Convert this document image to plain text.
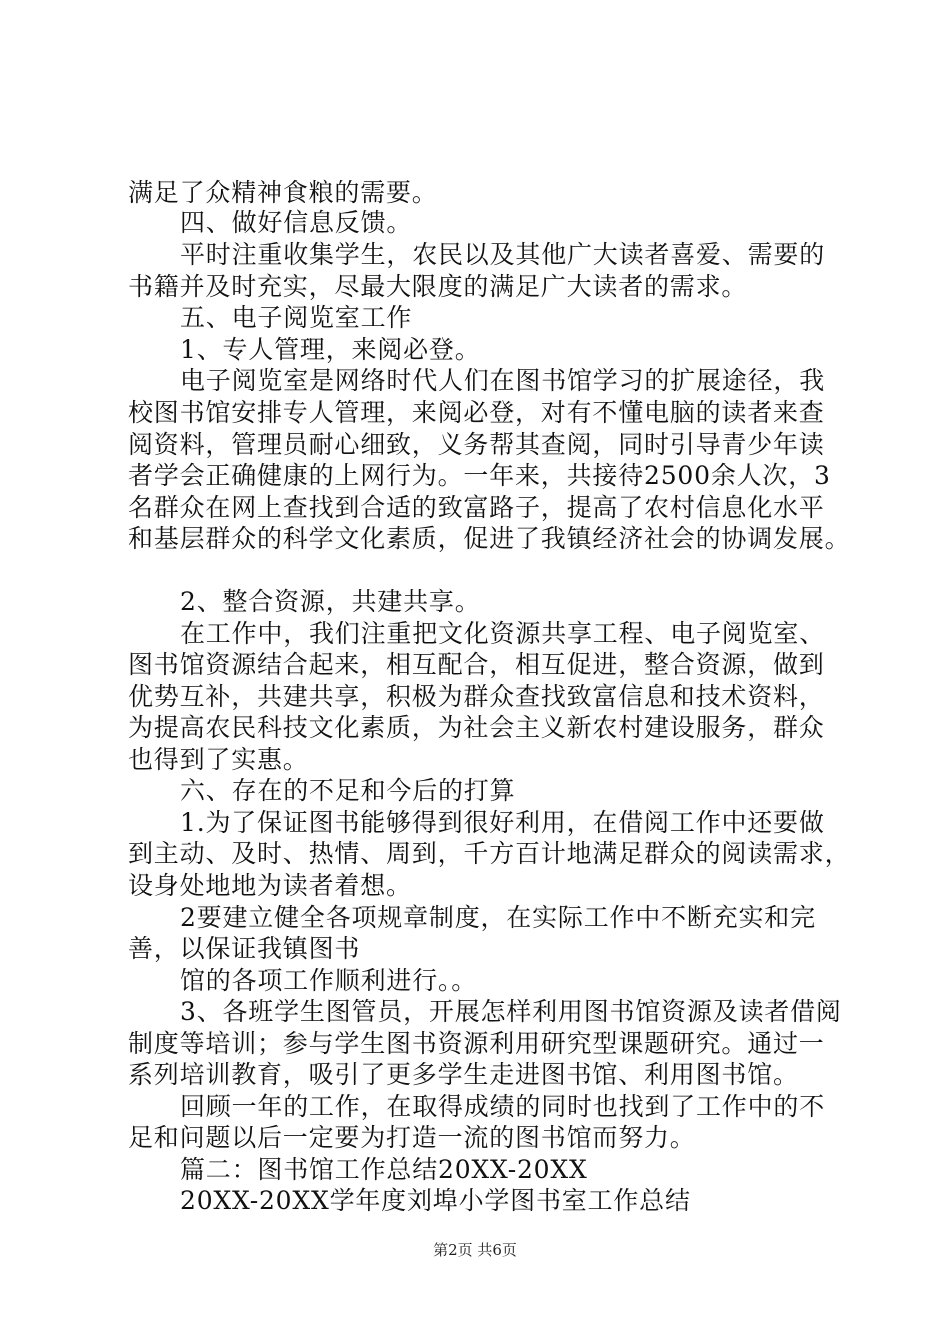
满足了众精神食粮的需要。
四、做好信息反馈。
平时注重收集学生，农民以及其他广大读者喜爱、需要的
书籍并及时充实，尽最大限度的满足广大读者的需求。
五、电子阅览室工作
1、专人管理，来阅必登。
电子阅览室是网络时代人们在图书馆学习的扩展途径，我
校图书馆安排专人管理，来阅必登，对有不懂电脑的读者来查
阅资料，管理员耐心细致，义务帮其查阅，同时引导青少年读
者学会正确健康的上网行为。一年来，共接待2500余人次，3
名群众在网上查找到合适的致富路子，提高了农村信息化水平
和基层群众的科学文化素质，促进了我镇经济社会的协调发展。
2、整合资源，共建共享。
在工作中，我们注重把文化资源共享工程、电子阅览室、
图书馆资源结合起来，相互配合，相互促进，整合资源，做到
优势互补，共建共享，积极为群众查找致富信息和技术资料，
为提高农民科技文化素质，为社会主义新农村建设服务，群众
也得到了实惠。
六、存在的不足和今后的打算
1.为了保证图书能够得到很好利用，在借阅工作中还要做
到主动、及时、热情、周到，千方百计地满足群众的阅读需求，
设身处地地为读者着想。
2要建立健全各项规章制度，在实际工作中不断充实和完
善，以保证我镇图书
馆的各项工作顺利进行。。
3、各班学生图管员，开展怎样利用图书馆资源及读者借阅
制度等培训；参与学生图书资源利用研究型课题研究。通过一
系列培训教育，吸引了更多学生走进图书馆、利用图书馆。
回顾一年的工作，在取得成绩的同时也找到了工作中的不
足和问题以后一定要为打造一流的图书馆而努力。
篇二：图书馆工作总结20XX-20XX
20XX-20XX学年度刘埠小学图书室工作总结
第2页 共6页
